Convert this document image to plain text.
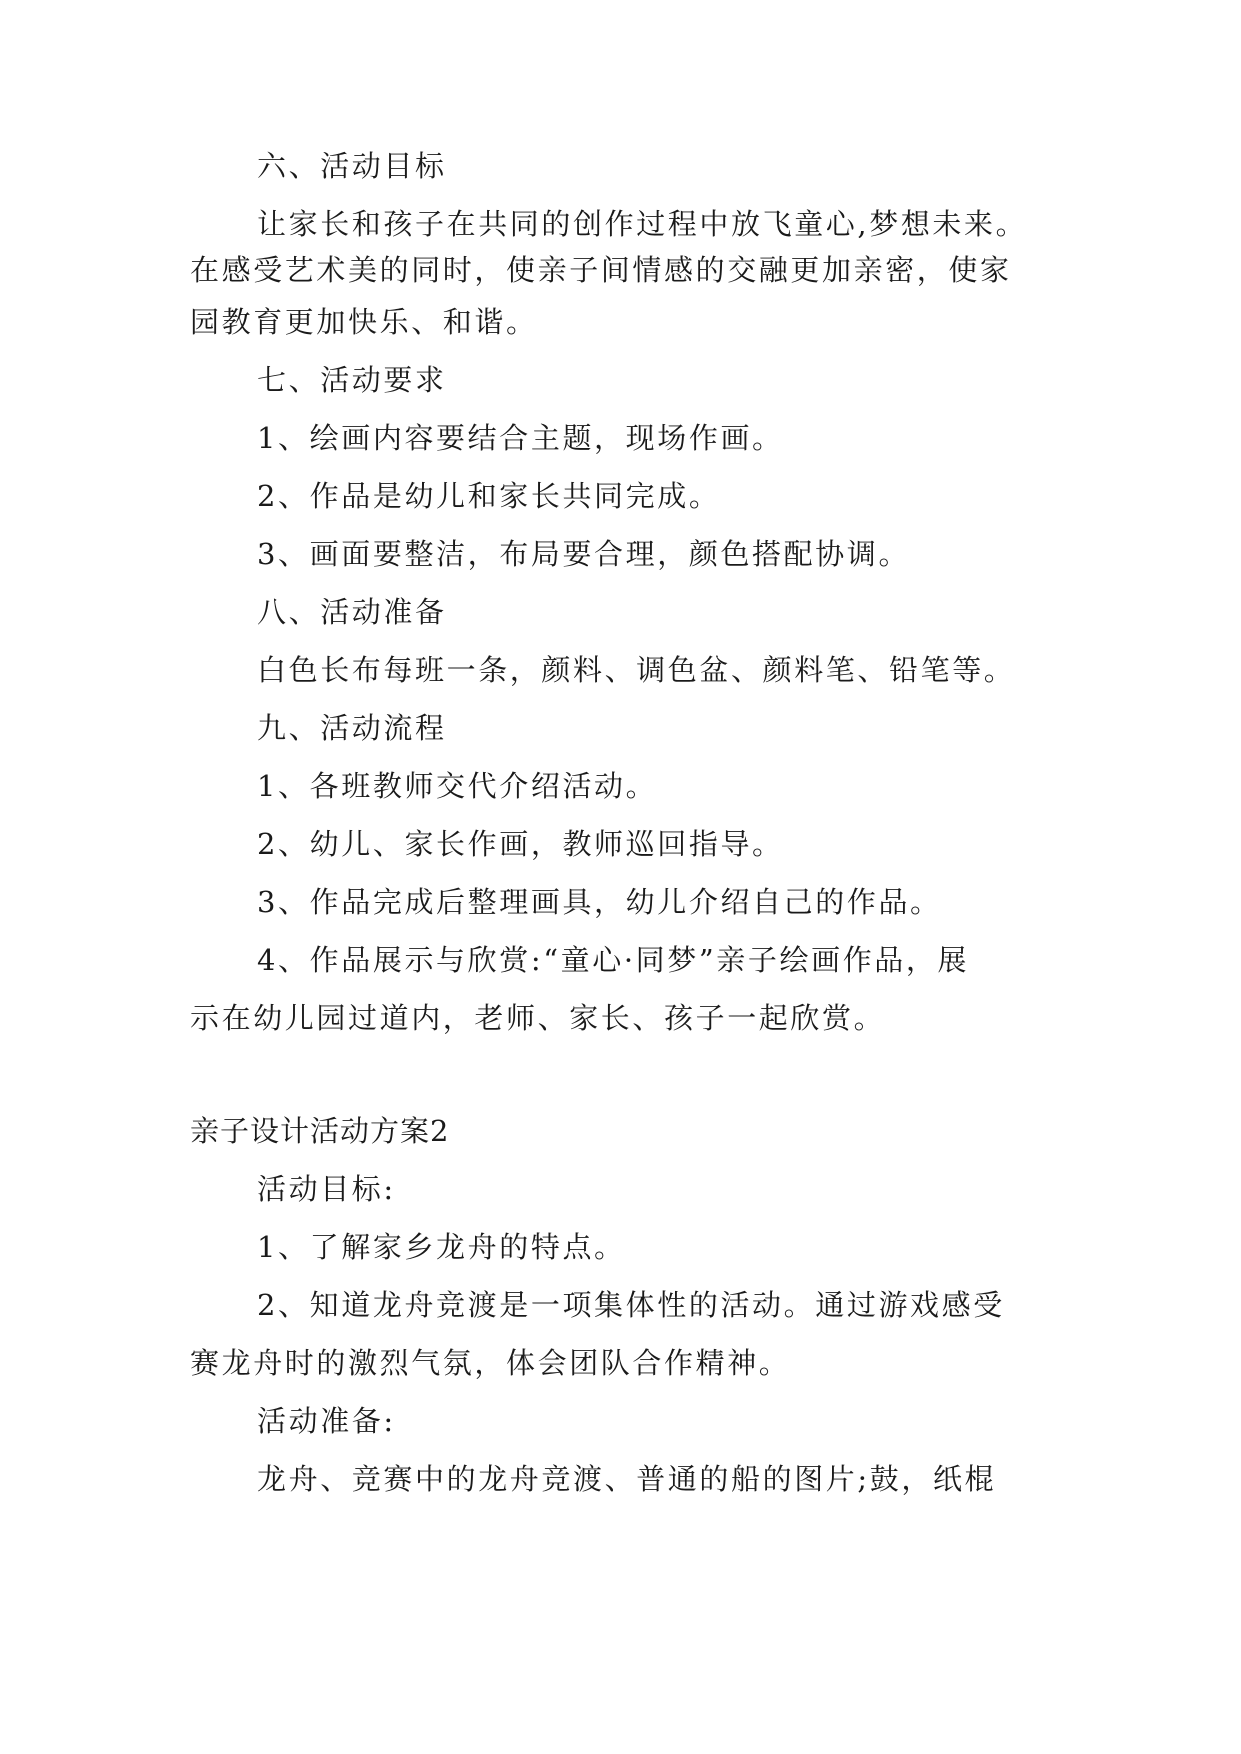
六、活动目标
让家长和孩子在共同的创作过程中放飞童心,梦想未来。
在感受艺术美的同时，使亲子间情感的交融更加亲密，使家
园教育更加快乐、和谐。
七、活动要求
1、绘画内容要结合主题，现场作画。
2、作品是幼儿和家长共同完成。
3、画面要整洁，布局要合理，颜色搭配协调。
八、活动准备
白色长布每班一条，颜料、调色盆、颜料笔、铅笔等。
九、活动流程
1、各班教师交代介绍活动。
2、幼儿、家长作画，教师巡回指导。
3、作品完成后整理画具，幼儿介绍自己的作品。
4、作品展示与欣赏:“童心·同梦”亲子绘画作品，展
示在幼儿园过道内，老师、家长、孩子一起欣赏。
亲子设计活动方案2
活动目标:
1、了解家乡龙舟的特点。
2、知道龙舟竞渡是一项集体性的活动。通过游戏感受
赛龙舟时的激烈气氛，体会团队合作精神。
活动准备:
龙舟、竞赛中的龙舟竞渡、普通的船的图片;鼓，纸棍
